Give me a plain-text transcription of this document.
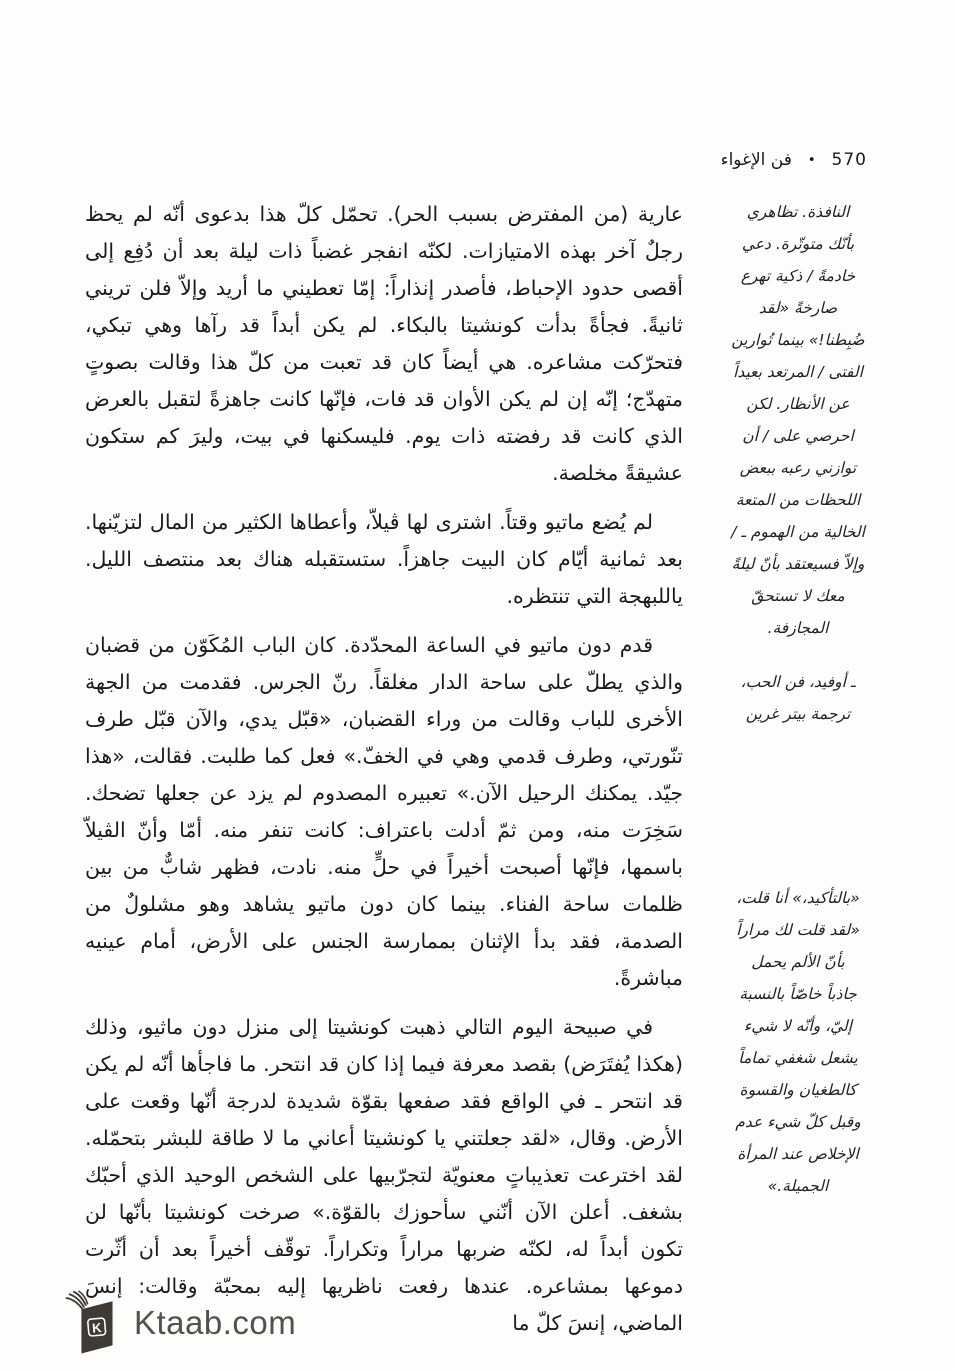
فن الإغواء • 570
النافذة. تظاهري
بأنّك متوتّرة. دعي
خادمةً / ذكية تهرع
صارخةً «لقد
ضُبِطنا!» بينما تُوارين
الفتى / المرتعد بعيداً
عن الأنظار. لكن
احرصي على / أن
توازني رعبه ببعض
اللحظات من المتعة
الخالية من الهموم ـ /
وإلاّ فسيعتقد بأنّ ليلةً
معك لا تستحقّ
المجازفة.
ـ أوفيد، فن الحب،
ترجمة بيتر غرين
«بالتأكيد،» أنا قلت،
«لقد قلت لك مراراً
بأنّ الألم يحمل
جاذباً خاصّاً بالنسبة
إليّ، وأنّه لا شيء
يشعل شغفي تماماً
كالطغيان والقسوة
وقبل كلّ شيء عدم
الإخلاص عند المرأة
الجميلة.»

عارية (من المفترض بسبب الحر). تحمّل كلّ هذا بدعوى أنّه لم يحظ رجلٌ آخر بهذه الامتيازات. لكنّه انفجر غضباً ذات ليلة بعد أن دُفِع إلى أقصى حدود الإحباط، فأصدر إنذاراً: إمّا تعطيني ما أريد وإلاّ فلن تريني ثانيةً. فجأةً بدأت كونشيتا بالبكاء. لم يكن أبداً قد رآها وهي تبكي، فتحرّكت مشاعره. هي أيضاً كان قد تعبت من كلّ هذا وقالت بصوتٍ متهدّج؛ إنّه إن لم يكن الأوان قد فات، فإنّها كانت جاهزةً لتقبل بالعرض الذي كانت قد رفضته ذات يوم. فليسكنها في بيت، وليرَ كم ستكون عشيقةً مخلصة.

لم يُضع ماتيو وقتاً. اشترى لها ڤيلاّ، وأعطاها الكثير من المال لتزيّنها. بعد ثمانية أيّام كان البيت جاهزاً. ستستقبله هناك بعد منتصف الليل. ياللبهجة التي تنتظره.

قدم دون ماتيو في الساعة المحدّدة. كان الباب المُكَوّن من قضبان والذي يطلّ على ساحة الدار مغلقاً. رنّ الجرس. فقدمت من الجهة الأخرى للباب وقالت من وراء القضبان، «قبّل يدي، والآن قبّل طرف تنّورتي، وطرف قدمي وهي في الخفّ.» فعل كما طلبت. فقالت، «هذا جيّد. يمكنك الرحيل الآن.» تعبيره المصدوم لم يزد عن جعلها تضحك. سَخِرَت منه، ومن ثمّ أدلت باعتراف: كانت تنفر منه. أمّا وأنّ الڤيلاّ باسمها، فإنّها أصبحت أخيراً في حلٍّ منه. نادت، فظهر شابٌّ من بين ظلمات ساحة الفناء. بينما كان دون ماتيو يشاهد وهو مشلولٌ من الصدمة، فقد بدأ الإثنان بممارسة الجنس على الأرض، أمام عينيه مباشرةً.

في صبيحة اليوم التالي ذهبت كونشيتا إلى منزل دون ماثيو، وذلك (هكذا يُفتَرَض) بقصد معرفة فيما إذا كان قد انتحر. ما فاجأها أنّه لم يكن قد انتحر ـ في الواقع فقد صفعها بقوّة شديدة لدرجة أنّها وقعت على الأرض. وقال، «لقد جعلتني يا كونشيتا أعاني ما لا طاقة للبشر بتحمّله. لقد اخترعت تعذيباتٍ معنويّة لتجرّبيها على الشخص الوحيد الذي أحبّك بشغف. أعلن الآن أنّني سأحوزك بالقوّة.» صرخت كونشيتا بأنّها لن تكون أبداً له، لكنّه ضربها مراراً وتكراراً. توقّف أخيراً بعد أن أثّرت دموعها بمشاعره. عندها رفعت ناظريها إليه بمحبّة وقالت: إنسَ الماضي، إنسَ كلّ ما

K Ktaab.com
